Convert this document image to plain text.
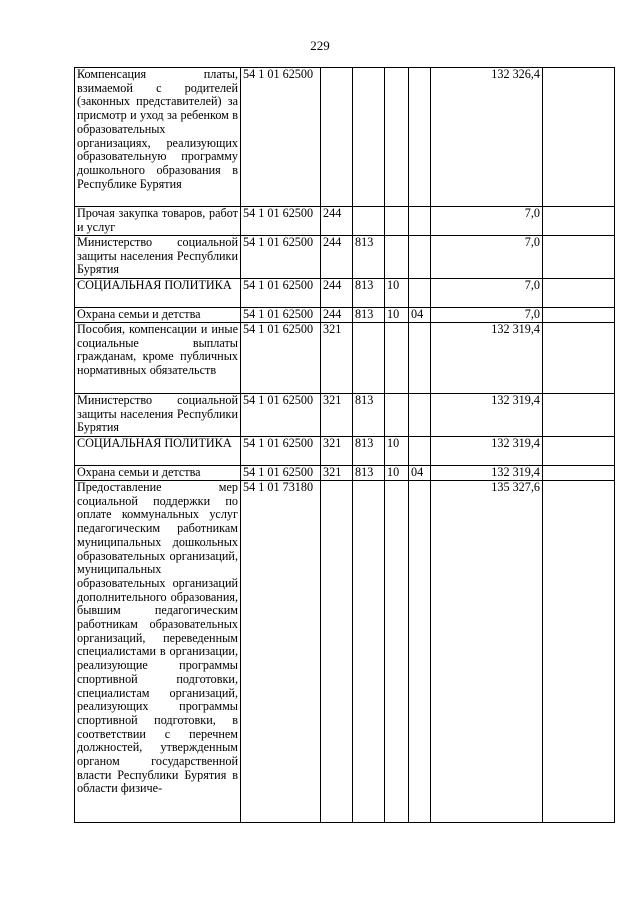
229
Компенсация платы, взимаемой с родителей (законных представителей) за присмотр и уход за ребенком в образовательных организациях, реализующих образовательную программу дошкольного образования в Республике Бурятия	54 1 01 62500					132 326,4	
Прочая закупка товаров, работ и услуг	54 1 01 62500	244				7,0	
Министерство социальной защиты населения Республики Бурятия	54 1 01 62500	244	813			7,0	
СОЦИАЛЬНАЯ ПОЛИТИКА	54 1 01 62500	244	813	10		7,0	
Охрана семьи и детства	54 1 01 62500	244	813	10	04	7,0	
Пособия, компенсации и иные социальные выплаты гражданам, кроме публичных нормативных обязательств	54 1 01 62500	321				132 319,4	
Министерство социальной защиты населения Республики Бурятия	54 1 01 62500	321	813			132 319,4	
СОЦИАЛЬНАЯ ПОЛИТИКА	54 1 01 62500	321	813	10		132 319,4	
Охрана семьи и детства	54 1 01 62500	321	813	10	04	132 319,4	
Предоставление мер социальной поддержки по оплате коммунальных услуг педагогическим работникам муниципальных дошкольных образовательных организаций, муниципальных образовательных организаций дополнительного образования, бывшим педагогическим работникам образовательных организаций, переведенным специалистами в организации, реализующие программы спортивной подготовки, специалистам организаций, реализующих программы спортивной подготовки, в соответствии с перечнем должностей, утвержденным органом государственной власти Республики Бурятия в области физиче-	54 1 01 73180					135 327,6	
